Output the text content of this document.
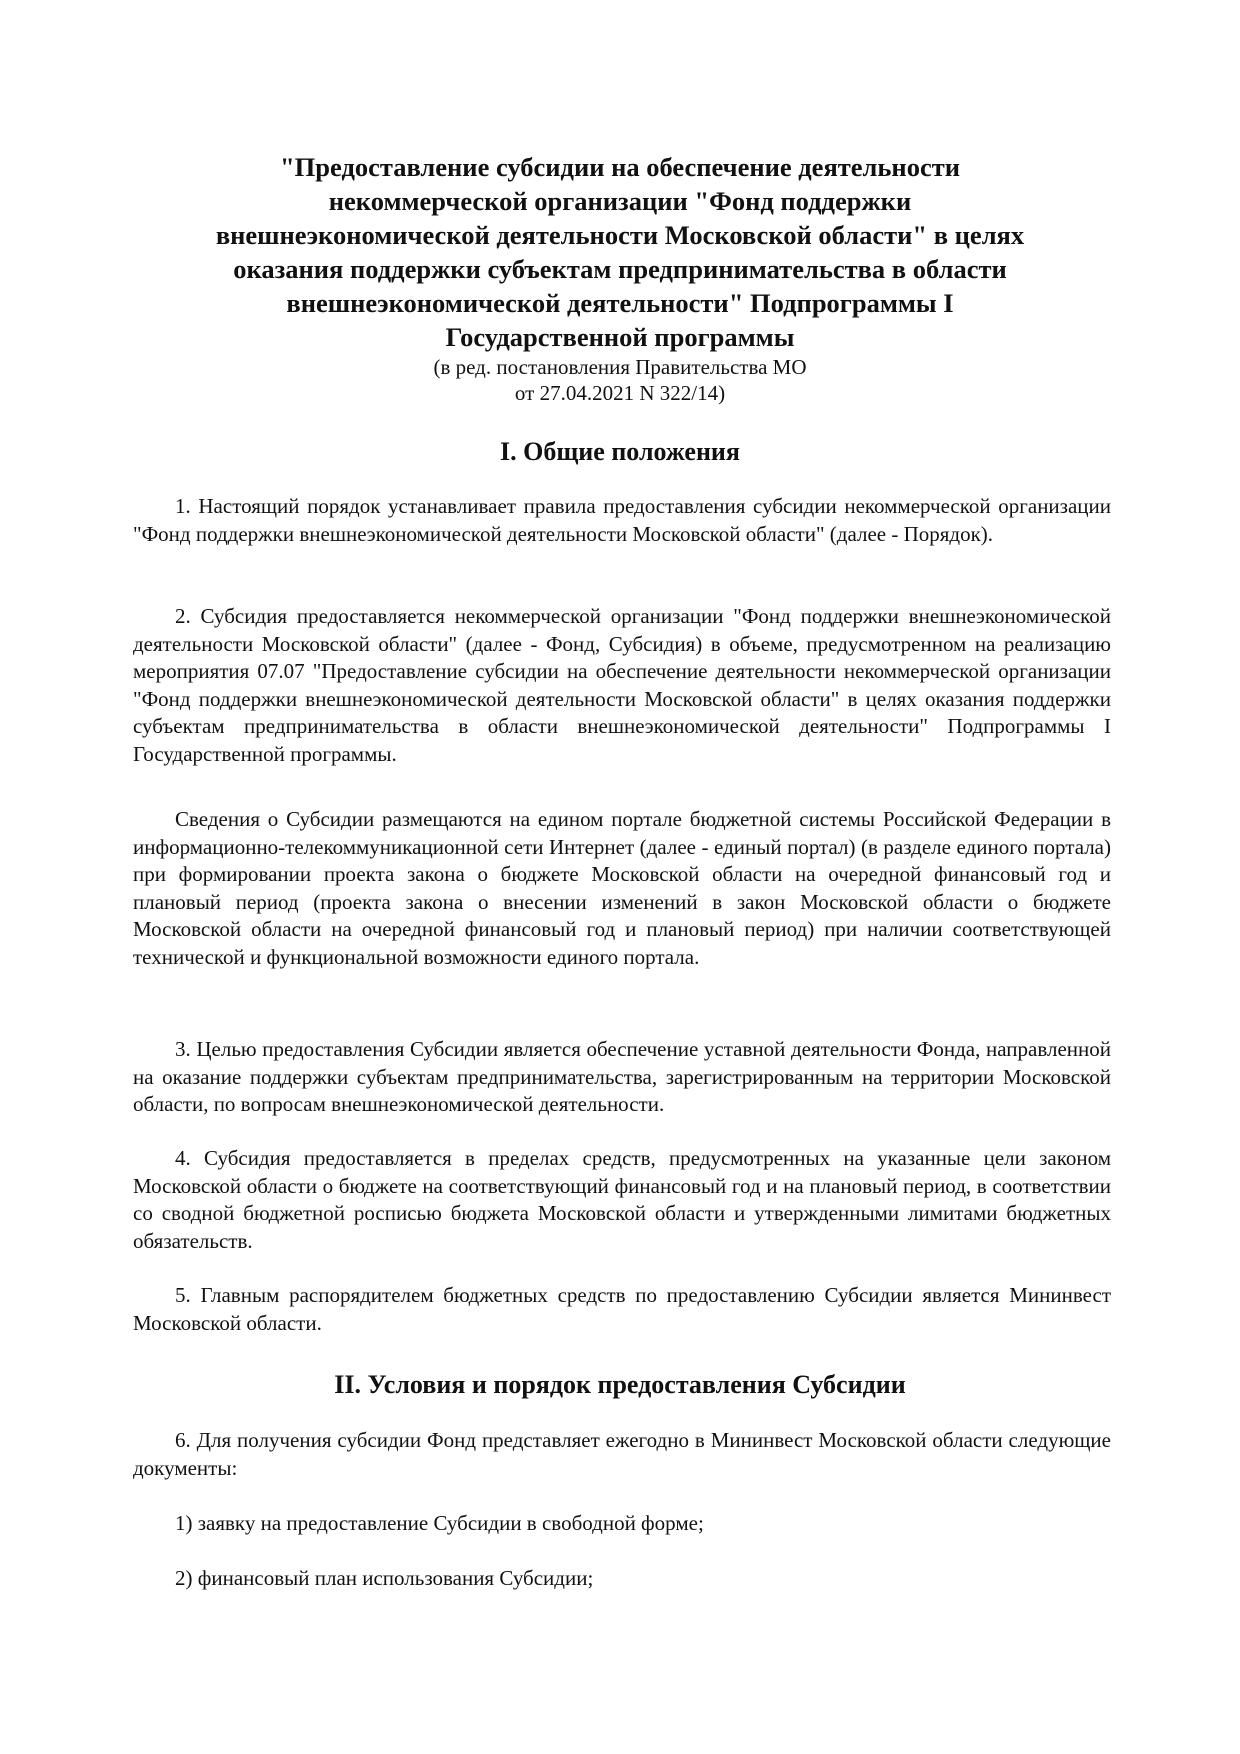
"Предоставление субсидии на обеспечение деятельности
некоммерческой организации "Фонд поддержки
внешнеэкономической деятельности Московской области" в целях
оказания поддержки субъектам предпринимательства в области
внешнеэкономической деятельности" Подпрограммы I
Государственной программы
(в ред. постановления Правительства МО
от 27.04.2021 N 322/14)
I. Общие положения
1. Настоящий порядок устанавливает правила предоставления субсидии некоммерческой организации "Фонд поддержки внешнеэкономической деятельности Московской области" (далее - Порядок).
2. Субсидия предоставляется некоммерческой организации "Фонд поддержки внешнеэкономической деятельности Московской области" (далее - Фонд, Субсидия) в объеме, предусмотренном на реализацию мероприятия 07.07 "Предоставление субсидии на обеспечение деятельности некоммерческой организации "Фонд поддержки внешнеэкономической деятельности Московской области" в целях оказания поддержки субъектам предпринимательства в области внешнеэкономической деятельности" Подпрограммы I Государственной программы.
Сведения о Субсидии размещаются на едином портале бюджетной системы Российской Федерации в информационно-телекоммуникационной сети Интернет (далее - единый портал) (в разделе единого портала) при формировании проекта закона о бюджете Московской области на очередной финансовый год и плановый период (проекта закона о внесении изменений в закон Московской области о бюджете Московской области на очередной финансовый год и плановый период) при наличии соответствующей технической и функциональной возможности единого портала.
3. Целью предоставления Субсидии является обеспечение уставной деятельности Фонда, направленной на оказание поддержки субъектам предпринимательства, зарегистрированным на территории Московской области, по вопросам внешнеэкономической деятельности.
4. Субсидия предоставляется в пределах средств, предусмотренных на указанные цели законом Московской области о бюджете на соответствующий финансовый год и на плановый период, в соответствии со сводной бюджетной росписью бюджета Московской области и утвержденными лимитами бюджетных обязательств.
5. Главным распорядителем бюджетных средств по предоставлению Субсидии является Мининвест Московской области.
II. Условия и порядок предоставления Субсидии
6. Для получения субсидии Фонд представляет ежегодно в Мининвест Московской области следующие документы:
1) заявку на предоставление Субсидии в свободной форме;
2) финансовый план использования Субсидии;
